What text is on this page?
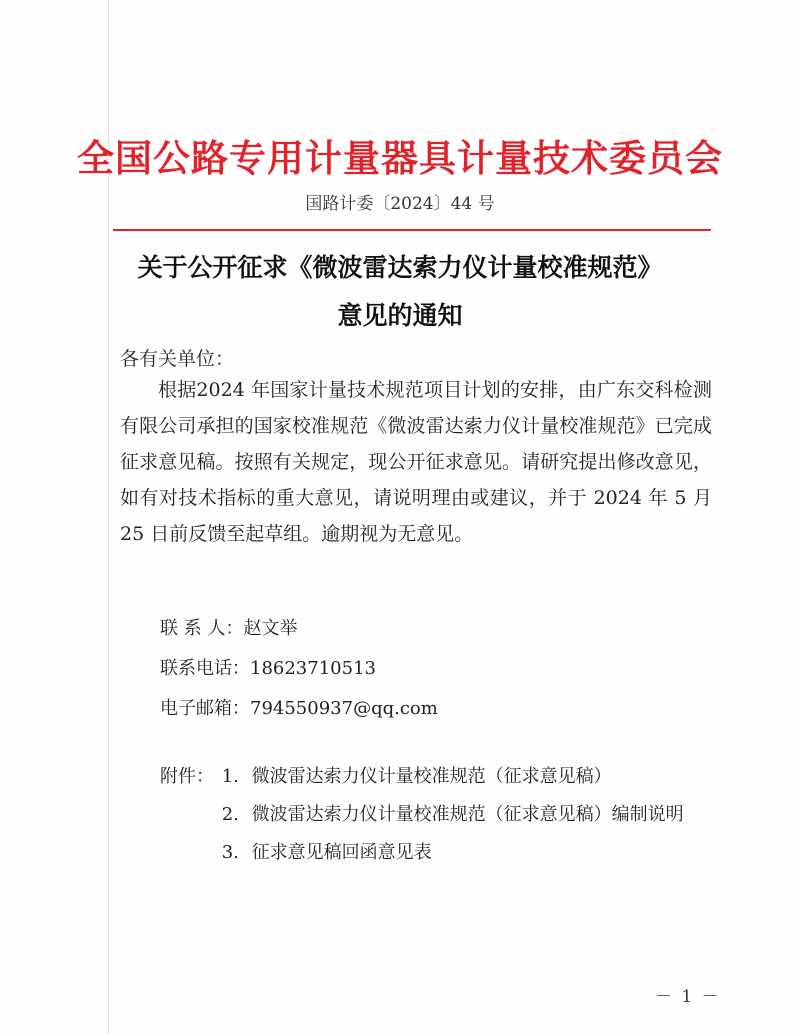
全国公路专用计量器具计量技术委员会
国路计委〔2024〕44 号
关于公开征求《微波雷达索力仪计量校准规范》
意见的通知
各有关单位：

根据2024 年国家计量技术规范项目计划的安排，由广东交科检测有限公司承担的国家校准规范《微波雷达索力仪计量校准规范》已完成征求意见稿。按照有关规定，现公开征求意见。请研究提出修改意见，如有对技术指标的重大意见，请说明理由或建议，并于 2024 年 5 月 25 日前反馈至起草组。逾期视为无意见。

联 系 人： 赵文举
联系电话： 18623710513
电子邮箱： 794550937@qq.com
附件： 1. 微波雷达索力仪计量校准规范（征求意见稿）
2. 微波雷达索力仪计量校准规范（征求意见稿）编制说明
3. 征求意见稿回函意见表
－ 1 －
